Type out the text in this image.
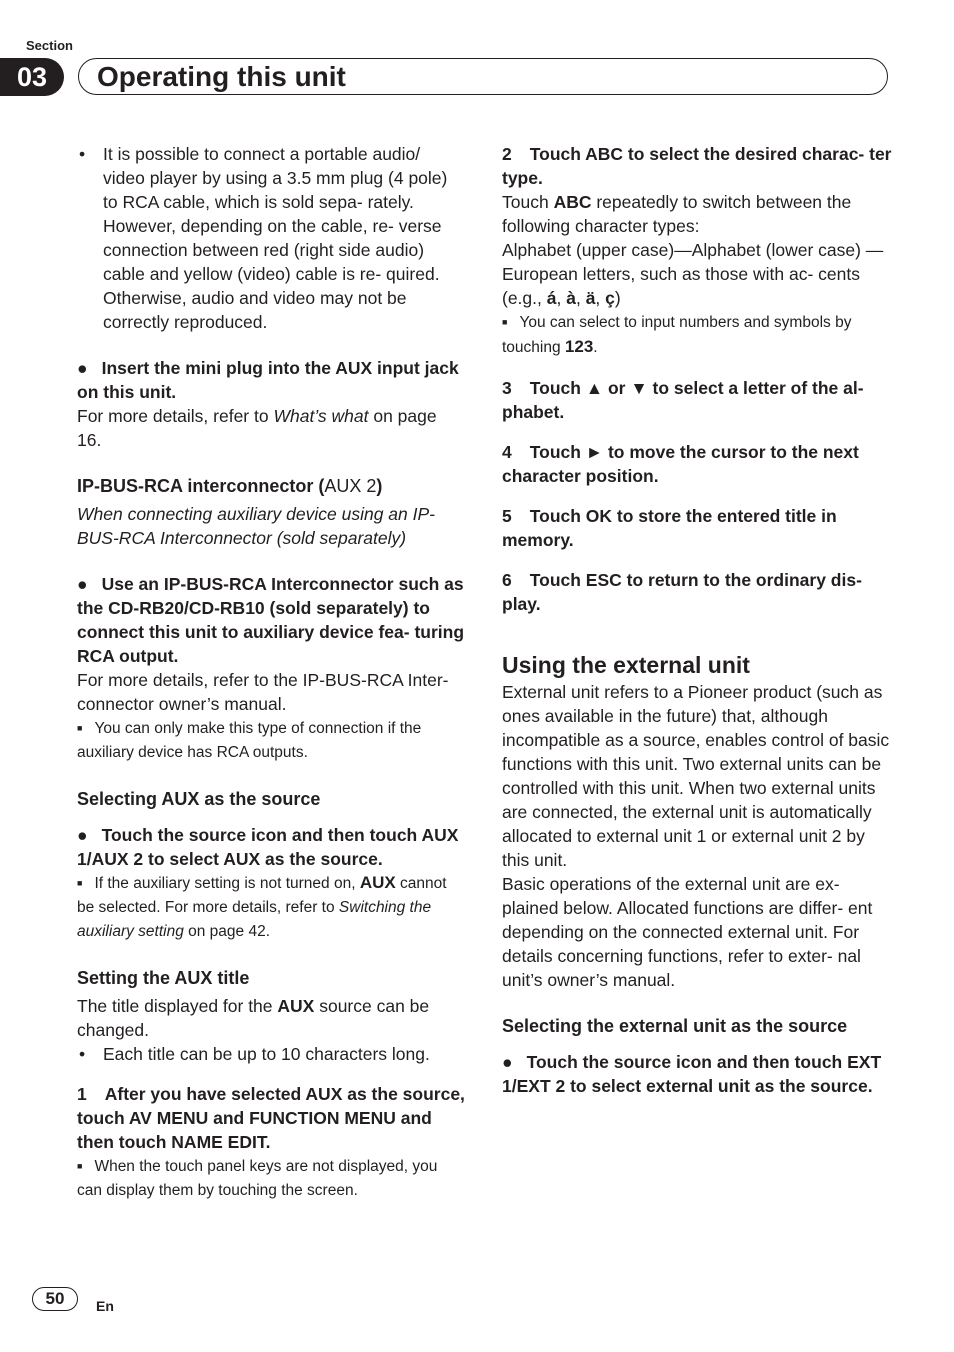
Section
03	Operating this unit

• It is possible to connect a portable audio/ video player by using a 3.5 mm plug (4 pole) to RCA cable, which is sold sepa- rately. However, depending on the cable, re- verse connection between red (right side audio) cable and yellow (video) cable is re- quired. Otherwise, audio and video may not be correctly reproduced.

● Insert the mini plug into the AUX input jack on this unit.

For more details, refer to What’s what on page 16.

IP-BUS-RCA interconnector (AUX 2)

When connecting auxiliary device using an IP- BUS-RCA Interconnector (sold separately)

● Use an IP-BUS-RCA Interconnector such as the CD-RB20/CD-RB10 (sold separately) to connect this unit to auxiliary device fea- turing RCA output.

For more details, refer to the IP-BUS-RCA Inter- connector owner’s manual.

■ You can only make this type of connection if the auxiliary device has RCA outputs.

Selecting AUX as the source

● Touch the source icon and then touch AUX 1/AUX 2 to select AUX as the source.

■ If the auxiliary setting is not turned on, AUX cannot be selected. For more details, refer to Switching the auxiliary setting on page 42.

Setting the AUX title

The title displayed for the AUX source can be changed.

• Each title can be up to 10 characters long.

1 After you have selected AUX as the source, touch AV MENU and FUNCTION MENU and then touch NAME EDIT.

■ When the touch panel keys are not displayed, you can display them by touching the screen.

2 Touch ABC to select the desired charac- ter type.

Touch ABC repeatedly to switch between the following character types:

Alphabet (upper case)—Alphabet (lower case) —European letters, such as those with ac- cents (e.g., á, à, ä, ç)

■ You can select to input numbers and symbols by touching 123.

3 Touch ▲ or ▼ to select a letter of the al- phabet.

4 Touch ► to move the cursor to the next character position.

5 Touch OK to store the entered title in memory.

6 Touch ESC to return to the ordinary dis- play.

Using the external unit

External unit refers to a Pioneer product (such as ones available in the future) that, although incompatible as a source, enables control of basic functions with this unit. Two external units can be controlled with this unit. When two external units are connected, the external unit is automatically allocated to external unit 1 or external unit 2 by this unit.

Basic operations of the external unit are ex- plained below. Allocated functions are differ- ent depending on the connected external unit. For details concerning functions, refer to exter- nal unit’s owner’s manual.

Selecting the external unit as the source

● Touch the source icon and then touch EXT 1/EXT 2 to select external unit as the source.

50	En
